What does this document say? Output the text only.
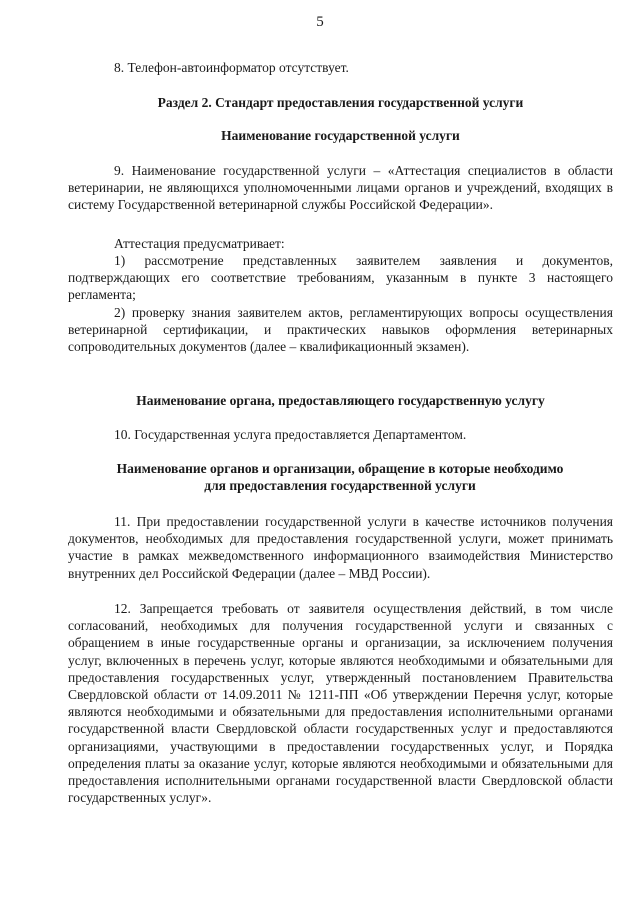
5

8. Телефон-автоинформатор отсутствует.

Раздел 2. Стандарт предоставления государственной услуги

Наименование государственной услуги

9. Наименование государственной услуги – «Аттестация специалистов в области ветеринарии, не являющихся уполномоченными лицами органов и учреждений, входящих в систему Государственной ветеринарной службы Российской Федерации».

Аттестация предусматривает:

1) рассмотрение представленных заявителем заявления и документов, подтверждающих его соответствие требованиям, указанным в пункте 3 настоящего регламента;

2) проверку знания заявителем актов, регламентирующих вопросы осуществления ветеринарной сертификации, и практических навыков оформления ветеринарных сопроводительных документов (далее – квалификационный экзамен).

Наименование органа, предоставляющего государственную услугу

10. Государственная услуга предоставляется Департаментом.

Наименование органов и организации, обращение в которые необходимо для предоставления государственной услуги

11. При предоставлении государственной услуги в качестве источников получения документов, необходимых для предоставления государственной услуги, может принимать участие в рамках межведомственного информационного взаимодействия Министерство внутренних дел Российской Федерации (далее – МВД России).

12. Запрещается требовать от заявителя осуществления действий, в том числе согласований, необходимых для получения государственной услуги и связанных с обращением в иные государственные органы и организации, за исключением получения услуг, включенных в перечень услуг, которые являются необходимыми и обязательными для предоставления государственных услуг, утвержденный постановлением Правительства Свердловской области от 14.09.2011 № 1211-ПП «Об утверждении Перечня услуг, которые являются необходимыми и обязательными для предоставления исполнительными органами государственной власти Свердловской области государственных услуг и предоставляются организациями, участвующими в предоставлении государственных услуг, и Порядка определения платы за оказание услуг, которые являются необходимыми и обязательными для предоставления исполнительными органами государственной власти Свердловской области государственных услуг».
